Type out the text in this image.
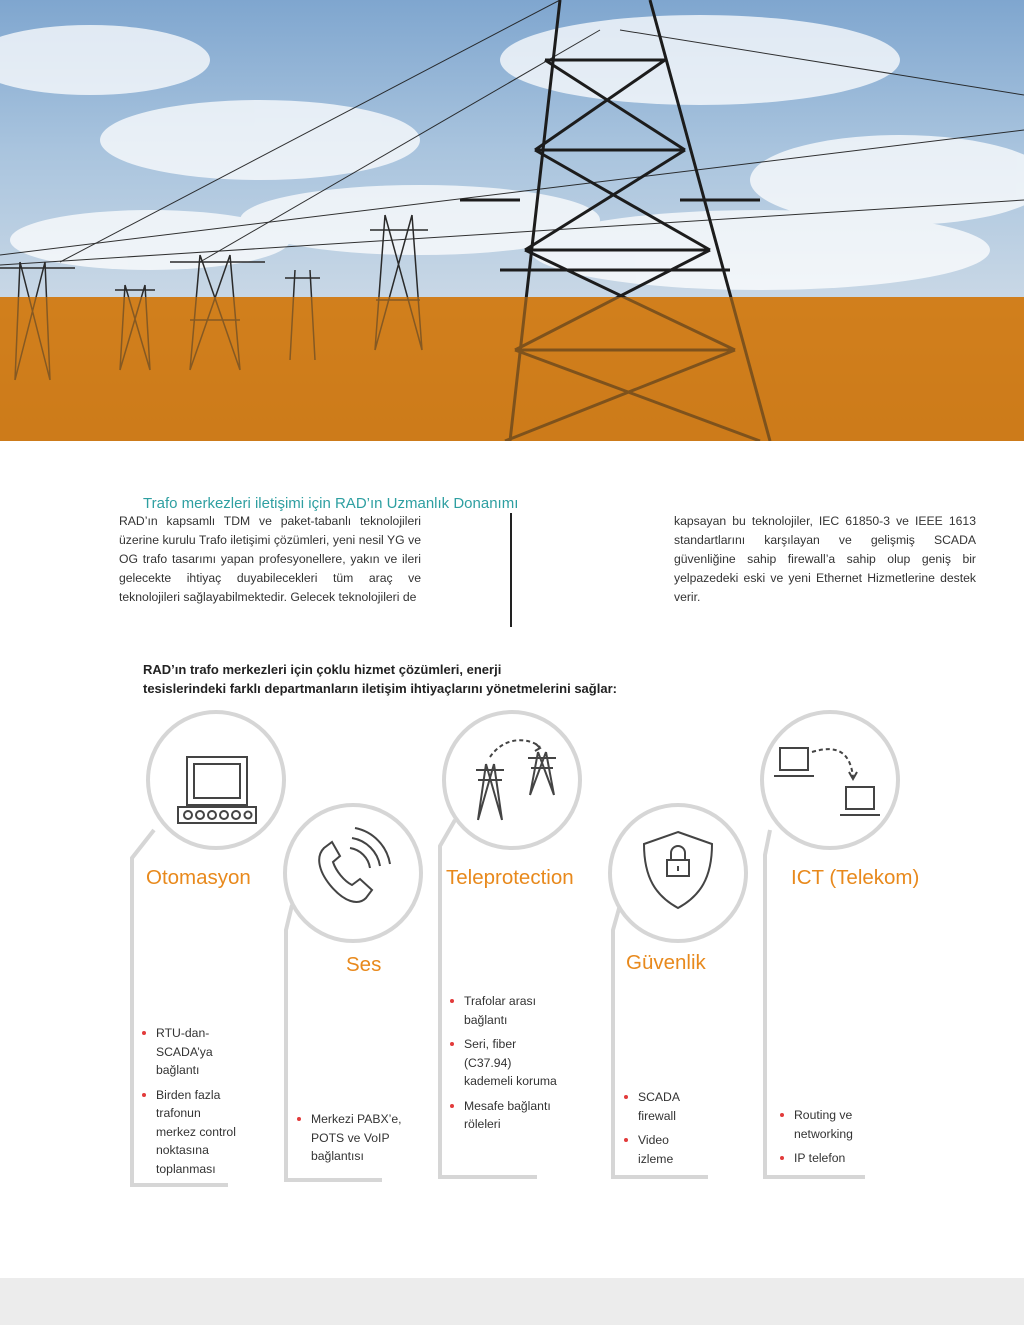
Trafo merkezleri iletişimi için RAD’ın Uzmanlık Donanımı

RAD’ın kapsamlı TDM ve paket-tabanlı teknolojileri üzerine kurulu Trafo iletişimi çözümleri, yeni nesil YG ve OG trafo tasarımı yapan profesyonellere, yakın ve ileri gelecekte ihtiyaç duyabilecekleri tüm araç ve teknolojileri sağlayabilmektedir. Gelecek teknolojileri de

kapsayan bu teknolojiler, IEC 61850-3 ve IEEE 1613 standartlarını karşılayan ve gelişmiş SCADA güvenliğine sahip firewall’a sahip olup geniş bir yelpazedeki eski ve yeni Ethernet Hizmetlerine destek verir.

RAD’ın trafo merkezleri için çoklu hizmet çözümleri, enerji
tesislerindeki farklı departmanların iletişim ihtiyaçlarını yönetmelerini sağlar:

Otomasyon
Ses
Teleprotection
Güvenlik
ICT (Telekom)
RTU-dan-SCADA’ya bağlantı
Birden fazla trafonun merkez control noktasına toplanması
Merkezi PABX’e, POTS ve VoIP bağlantısı
Trafolar arası bağlantı
Seri, fiber (C37.94) kademeli koruma
Mesafe bağlantı röleleri
SCADA firewall
Video izleme
Routing ve networking
IP telefon
